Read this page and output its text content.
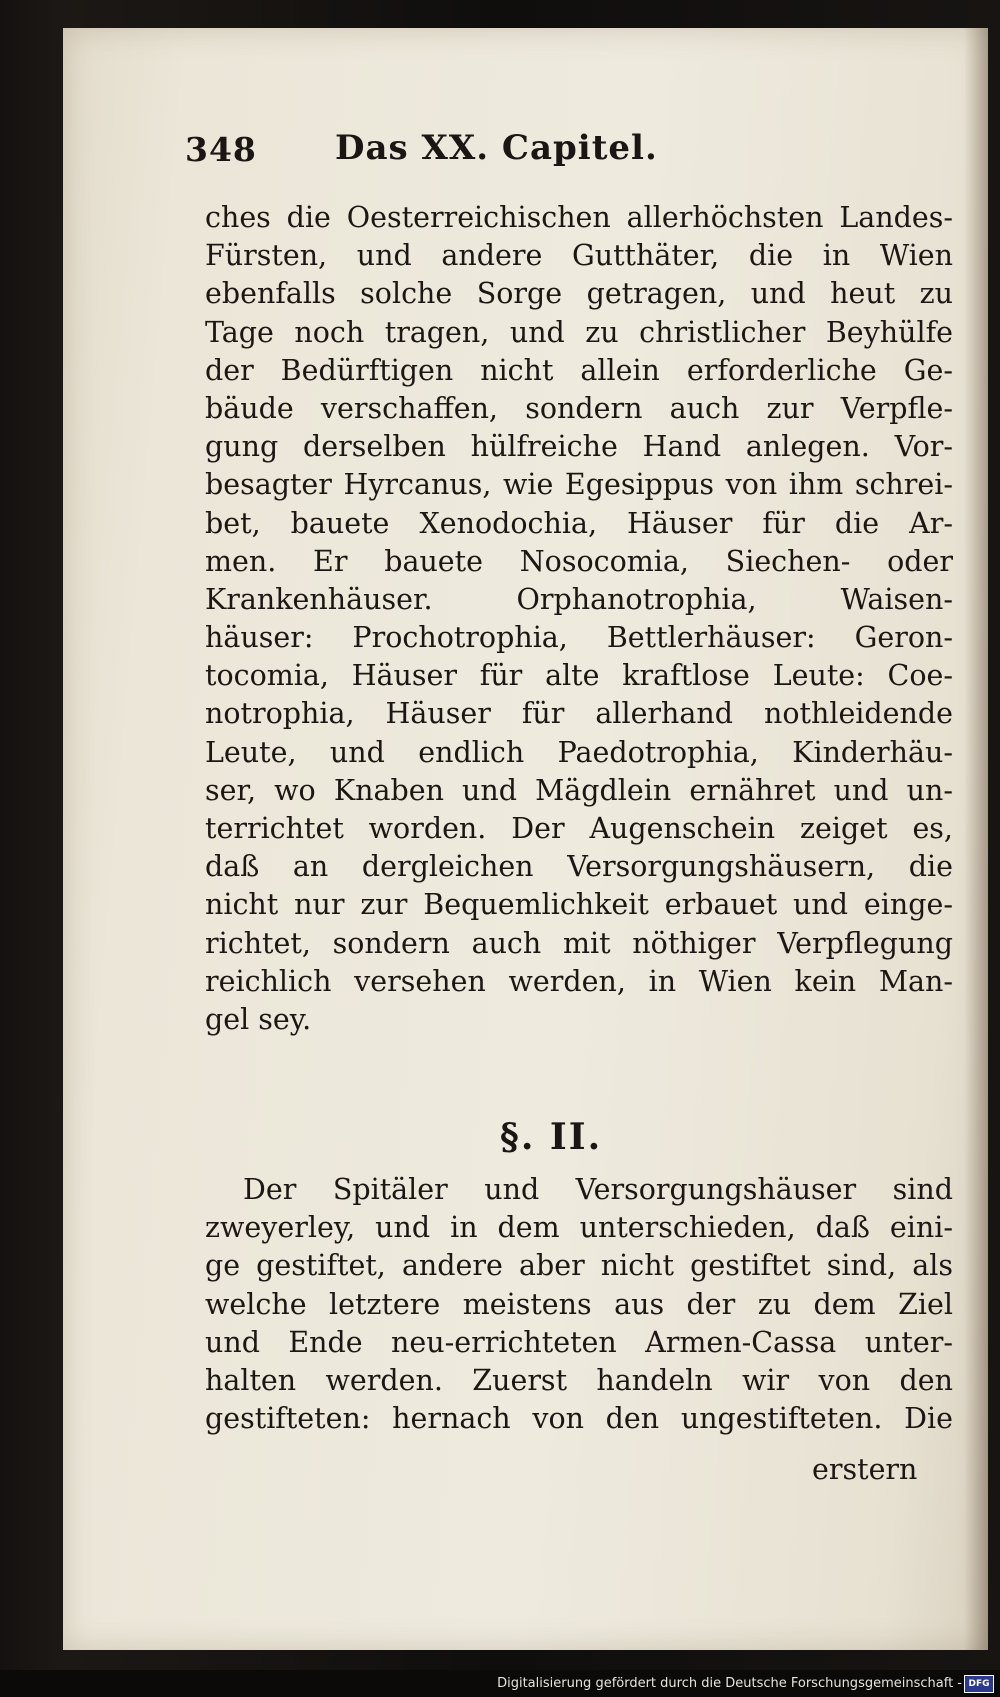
348 Das XX. Capitel.
ches die Oesterreichischen allerhöchsten Landes-
Fürsten, und andere Gutthäter, die in Wien
ebenfalls solche Sorge getragen, und heut zu
Tage noch tragen, und zu christlicher Beyhülfe
der Bedürftigen nicht allein erforderliche Ge-
bäude verschaffen, sondern auch zur Verpfle-
gung derselben hülfreiche Hand anlegen. Vor-
besagter Hyrcanus, wie Egesippus von ihm schrei-
bet, bauete Xenodochia, Häuser für die Ar-
men. Er bauete Nosocomia, Siechen- oder
Krankenhäuser. Orphanotrophia, Waisen-
häuser: Prochotrophia, Bettlerhäuser: Geron-
tocomia, Häuser für alte kraftlose Leute: Coe-
notrophia, Häuser für allerhand nothleidende
Leute, und endlich Paedotrophia, Kinderhäu-
ser, wo Knaben und Mägdlein ernähret und un-
terrichtet worden. Der Augenschein zeiget es,
daß an dergleichen Versorgungshäusern, die
nicht nur zur Bequemlichkeit erbauet und einge-
richtet, sondern auch mit nöthiger Verpflegung
reichlich versehen werden, in Wien kein Man-
gel sey.
§. II.
Der Spitäler und Versorgungshäuser sind
zweyerley, und in dem unterschieden, daß eini-
ge gestiftet, andere aber nicht gestiftet sind, als
welche letztere meistens aus der zu dem Ziel
und Ende neu-errichteten Armen-Cassa unter-
halten werden. Zuerst handeln wir von den
gestifteten: hernach von den ungestifteten. Die
erstern
Digitalisierung gefördert durch die Deutsche Forschungsgemeinschaft - DFG
